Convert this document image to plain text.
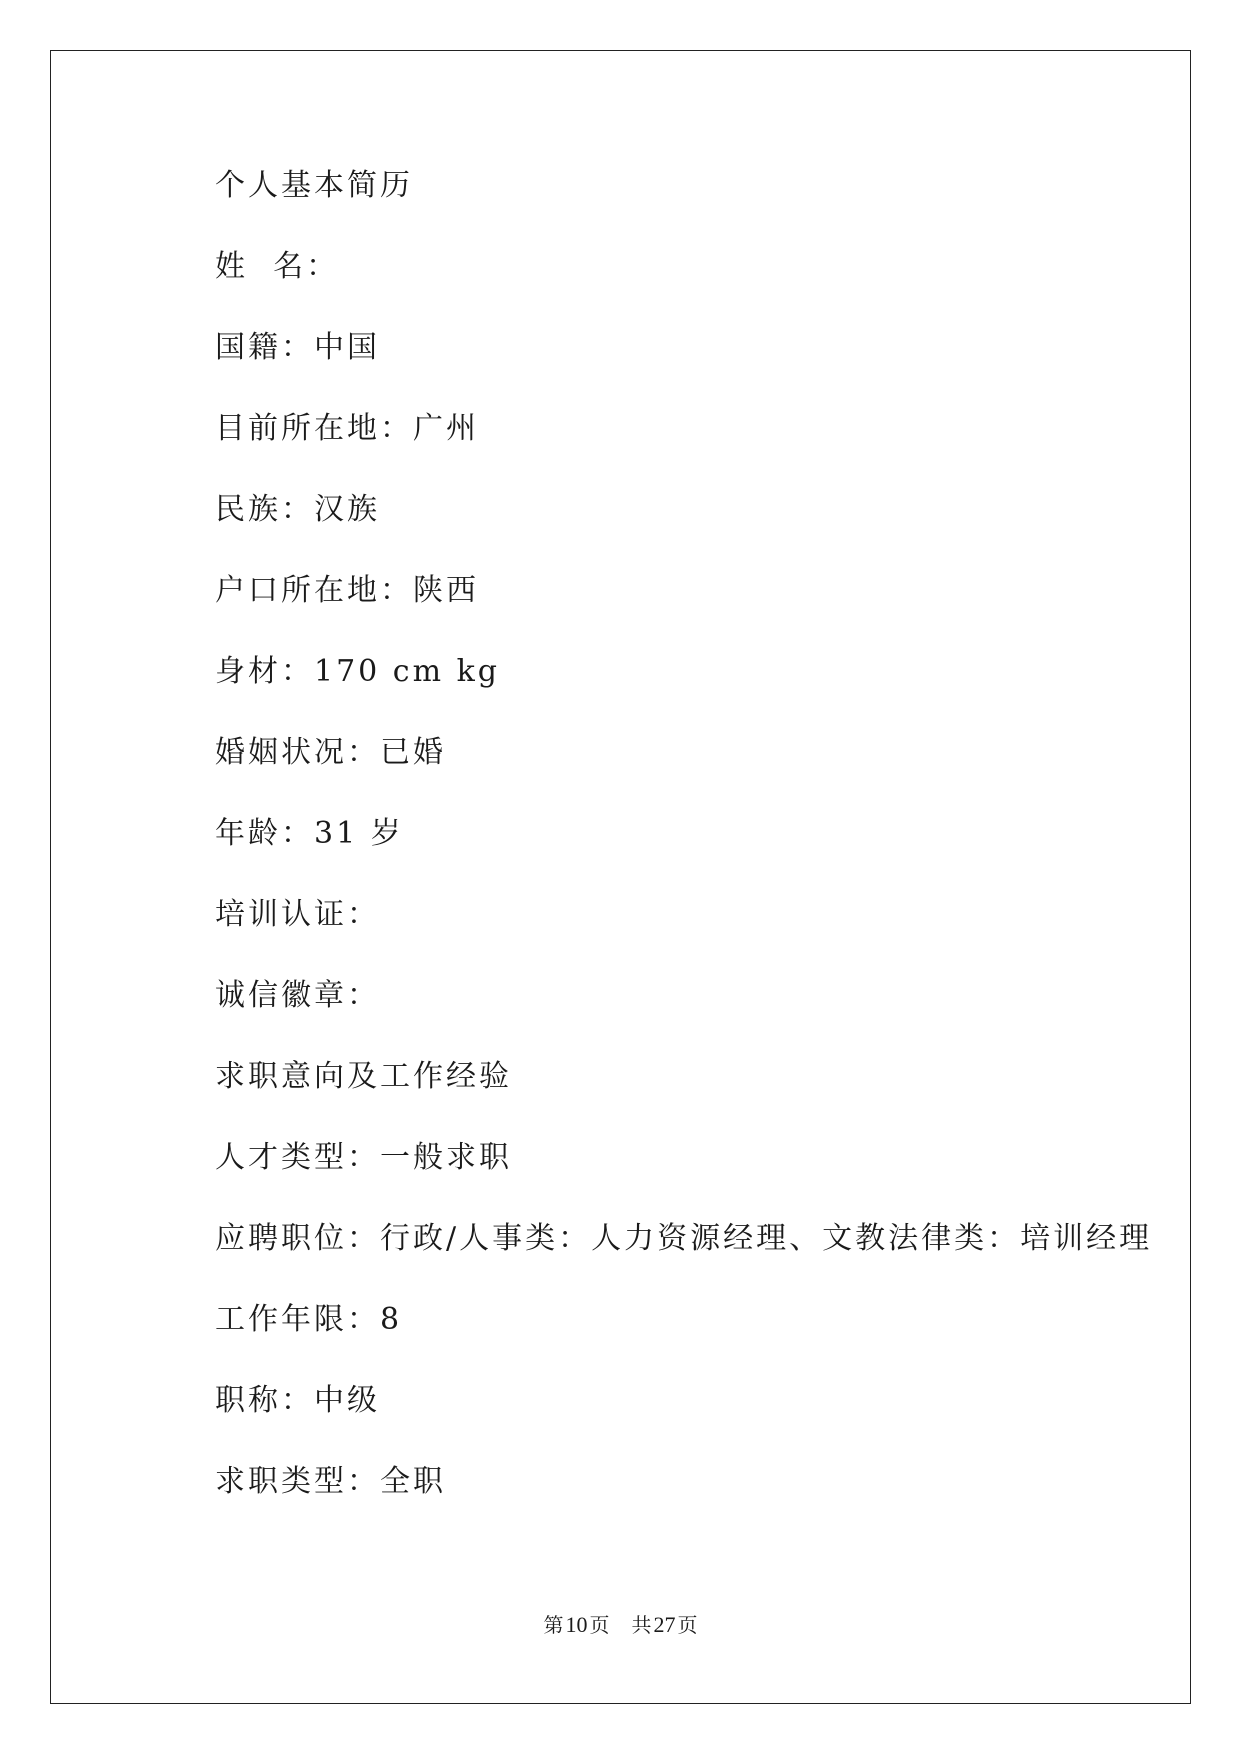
个人基本简历
姓  名：
国籍：中国
目前所在地：广州
民族：汉族
户口所在地：陕西
身材：170 cm kg
婚姻状况：已婚
年龄：31 岁
培训认证：
诚信徽章：
求职意向及工作经验
人才类型：一般求职
应聘职位：行政/人事类：人力资源经理、文教法律类：培训经理
工作年限：8
职称：中级
求职类型：全职
第10 页 共27 页
